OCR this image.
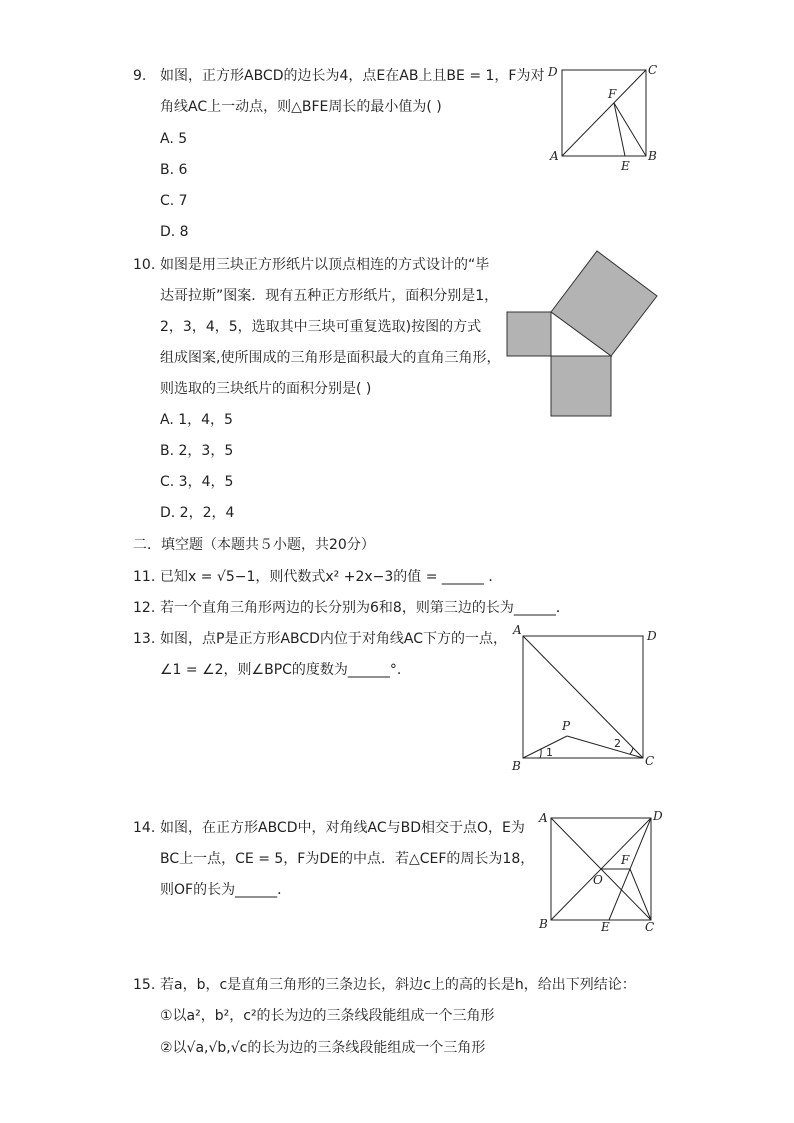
9. 如图，正方形ABCD的边长为4，点E在AB上且BE = 1，F为对
角线AC上一动点，则△BFE周长的最小值为( )
A. 5
B. 6
C. 7
D. 8
D	C
F
A
E
B
10. 如图是用三块正方形纸片以顶点相连的方式设计的“毕
达哥拉斯”图案．现有五种正方形纸片，面积分别是1，
2，3，4，5，选取其中三块可重复选取)按图的方式
组成图案,使所围成的三角形是面积最大的直角三角形，
则选取的三块纸片的面积分别是( )
A. 1，4，5
B. 2，3，5
C. 3，4，5
D. 2，2，4
二．填空题（本题共５小题，共20分）
11. 已知x = √5−1，则代数式x² +2x−3的值 = ______ ．
12. 若一个直角三角形两边的长分别为6和8，则第三边的长为______．
13. 如图，点P是正方形ABCD内位于对角线AC下方的一点，
∠1 = ∠2，则∠BPC的度数为______°.
A	D
P
B	C
1
2
14. 如图，在正方形ABCD中，对角线AC与BD相交于点O，E为
BC上一点，CE = 5，F为DE的中点．若△CEF的周长为18，
则OF的长为______．
A	D
F
O
B	E	C
15. 若a，b，c是直角三角形的三条边长，斜边c上的高的长是h，给出下列结论：
①以a²，b²，c²的长为边的三条线段能组成一个三角形
②以√a,√b,√c的长为边的三条线段能组成一个三角形
